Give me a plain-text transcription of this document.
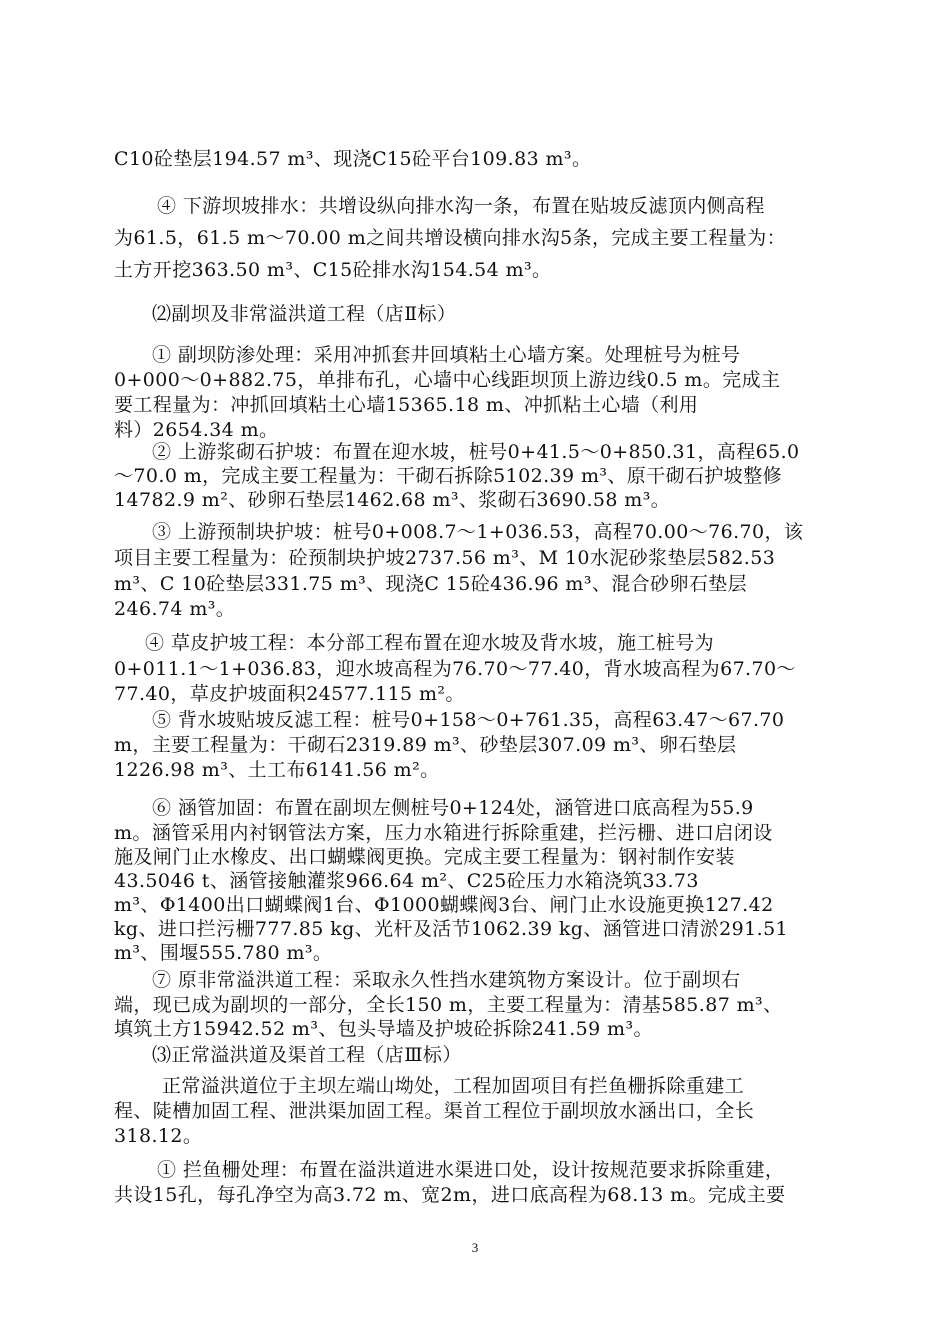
C10砼垫层194.57 m³、现浇C15砼平台109.83 m³。
④ 下游坝坡排水：共增设纵向排水沟一条，布置在贴坡反滤顶内侧高程
为61.5，61.5 m～70.00 m之间共增设横向排水沟5条，完成主要工程量为：
土方开挖363.50 m³、C15砼排水沟154.54 m³。
⑵副坝及非常溢洪道工程（店Ⅱ标）
① 副坝防渗处理：采用冲抓套井回填粘土心墙方案。处理桩号为桩号
0+000～0+882.75，单排布孔，心墙中心线距坝顶上游边线0.5 m。完成主
要工程量为：冲抓回填粘土心墙15365.18 m、冲抓粘土心墙（利用
料）2654.34 m。
② 上游浆砌石护坡：布置在迎水坡，桩号0+41.5～0+850.31，高程65.0
～70.0 m，完成主要工程量为：干砌石拆除5102.39 m³、原干砌石护坡整修
14782.9 m²、砂卵石垫层1462.68 m³、浆砌石3690.58 m³。
③ 上游预制块护坡：桩号0+008.7～1+036.53，高程70.00～76.70，该
项目主要工程量为：砼预制块护坡2737.56 m³、M 10水泥砂浆垫层582.53
m³、C 10砼垫层331.75 m³、现浇C 15砼436.96 m³、混合砂卵石垫层
246.74 m³。
④ 草皮护坡工程：本分部工程布置在迎水坡及背水坡，施工桩号为
0+011.1～1+036.83，迎水坡高程为76.70～77.40，背水坡高程为67.70～
77.40，草皮护坡面积24577.115 m²。
⑤ 背水坡贴坡反滤工程：桩号0+158～0+761.35，高程63.47～67.70
m，主要工程量为：干砌石2319.89 m³、砂垫层307.09 m³、卵石垫层
1226.98 m³、土工布6141.56 m²。
⑥ 涵管加固：布置在副坝左侧桩号0+124处，涵管进口底高程为55.9
m。涵管采用内衬钢管法方案，压力水箱进行拆除重建，拦污栅、进口启闭设
施及闸门止水橡皮、出口蝴蝶阀更换。完成主要工程量为：钢衬制作安装
43.5046 t、涵管接触灌浆966.64 m²、C25砼压力水箱浇筑33.73
m³、Φ1400出口蝴蝶阀1台、Φ1000蝴蝶阀3台、闸门止水设施更换127.42
kg、进口拦污栅777.85 kg、光杆及活节1062.39 kg、涵管进口清淤291.51
m³、围堰555.780 m³。
⑦ 原非常溢洪道工程：采取永久性挡水建筑物方案设计。位于副坝右
端，现已成为副坝的一部分，全长150 m，主要工程量为：清基585.87 m³、
填筑土方15942.52 m³、包头导墙及护坡砼拆除241.59 m³。
⑶正常溢洪道及渠首工程（店Ⅲ标）
正常溢洪道位于主坝左端山坳处，工程加固项目有拦鱼栅拆除重建工
程、陡槽加固工程、泄洪渠加固工程。渠首工程位于副坝放水涵出口，全长
318.12。
① 拦鱼栅处理：布置在溢洪道进水渠进口处，设计按规范要求拆除重建，
共设15孔，每孔净空为高3.72 m、宽2m，进口底高程为68.13 m。完成主要
3
